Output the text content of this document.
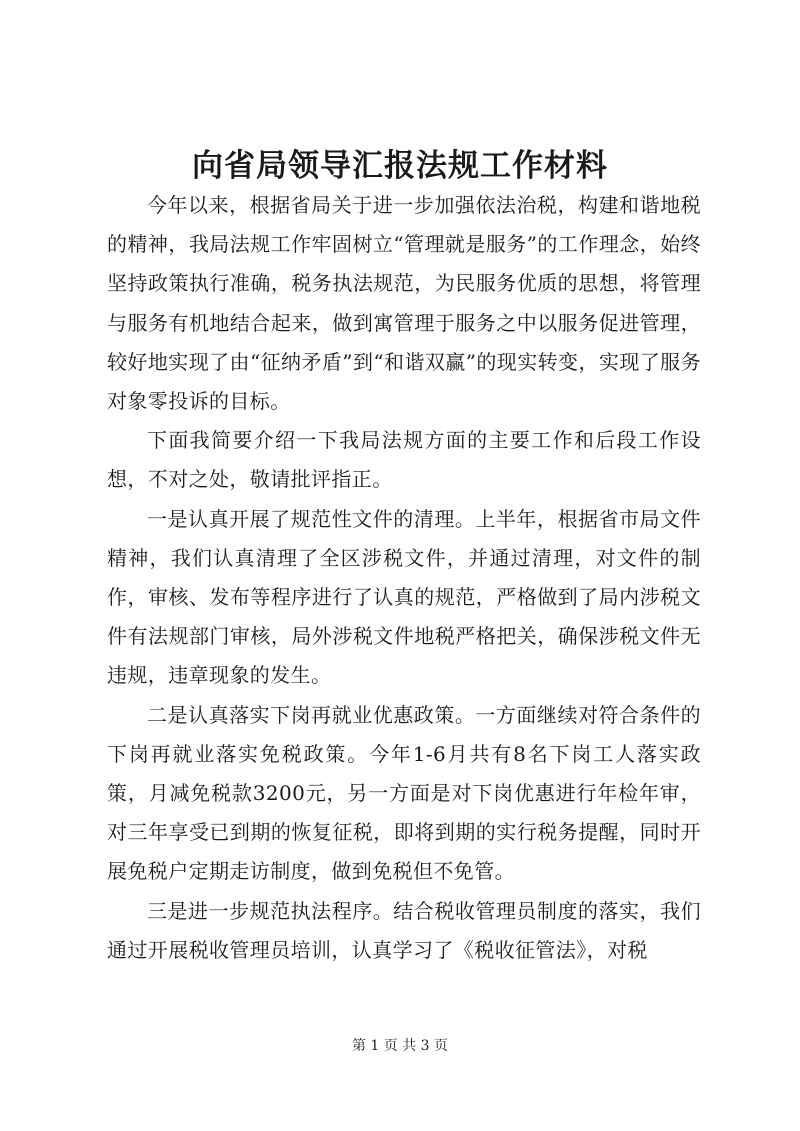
向省局领导汇报法规工作材料

今年以来，根据省局关于进一步加强依法治税，构建和谐地税的精神，我局法规工作牢固树立“管理就是服务”的工作理念，始终坚持政策执行准确，税务执法规范，为民服务优质的思想，将管理与服务有机地结合起来，做到寓管理于服务之中以服务促进管理，较好地实现了由“征纳矛盾”到“和谐双赢”的现实转变，实现了服务对象零投诉的目标。

下面我简要介绍一下我局法规方面的主要工作和后段工作设想，不对之处，敬请批评指正。

一是认真开展了规范性文件的清理。上半年，根据省市局文件精神，我们认真清理了全区涉税文件，并通过清理，对文件的制作，审核、发布等程序进行了认真的规范，严格做到了局内涉税文件有法规部门审核，局外涉税文件地税严格把关，确保涉税文件无违规，违章现象的发生。

二是认真落实下岗再就业优惠政策。一方面继续对符合条件的下岗再就业落实免税政策。今年1-6月共有8名下岗工人落实政策，月减免税款3200元，另一方面是对下岗优惠进行年检年审，对三年享受已到期的恢复征税，即将到期的实行税务提醒，同时开展免税户定期走访制度，做到免税但不免管。

三是进一步规范执法程序。结合税收管理员制度的落实，我们通过开展税收管理员培训，认真学习了《税收征管法》，对税

第 1 页 共 3 页
